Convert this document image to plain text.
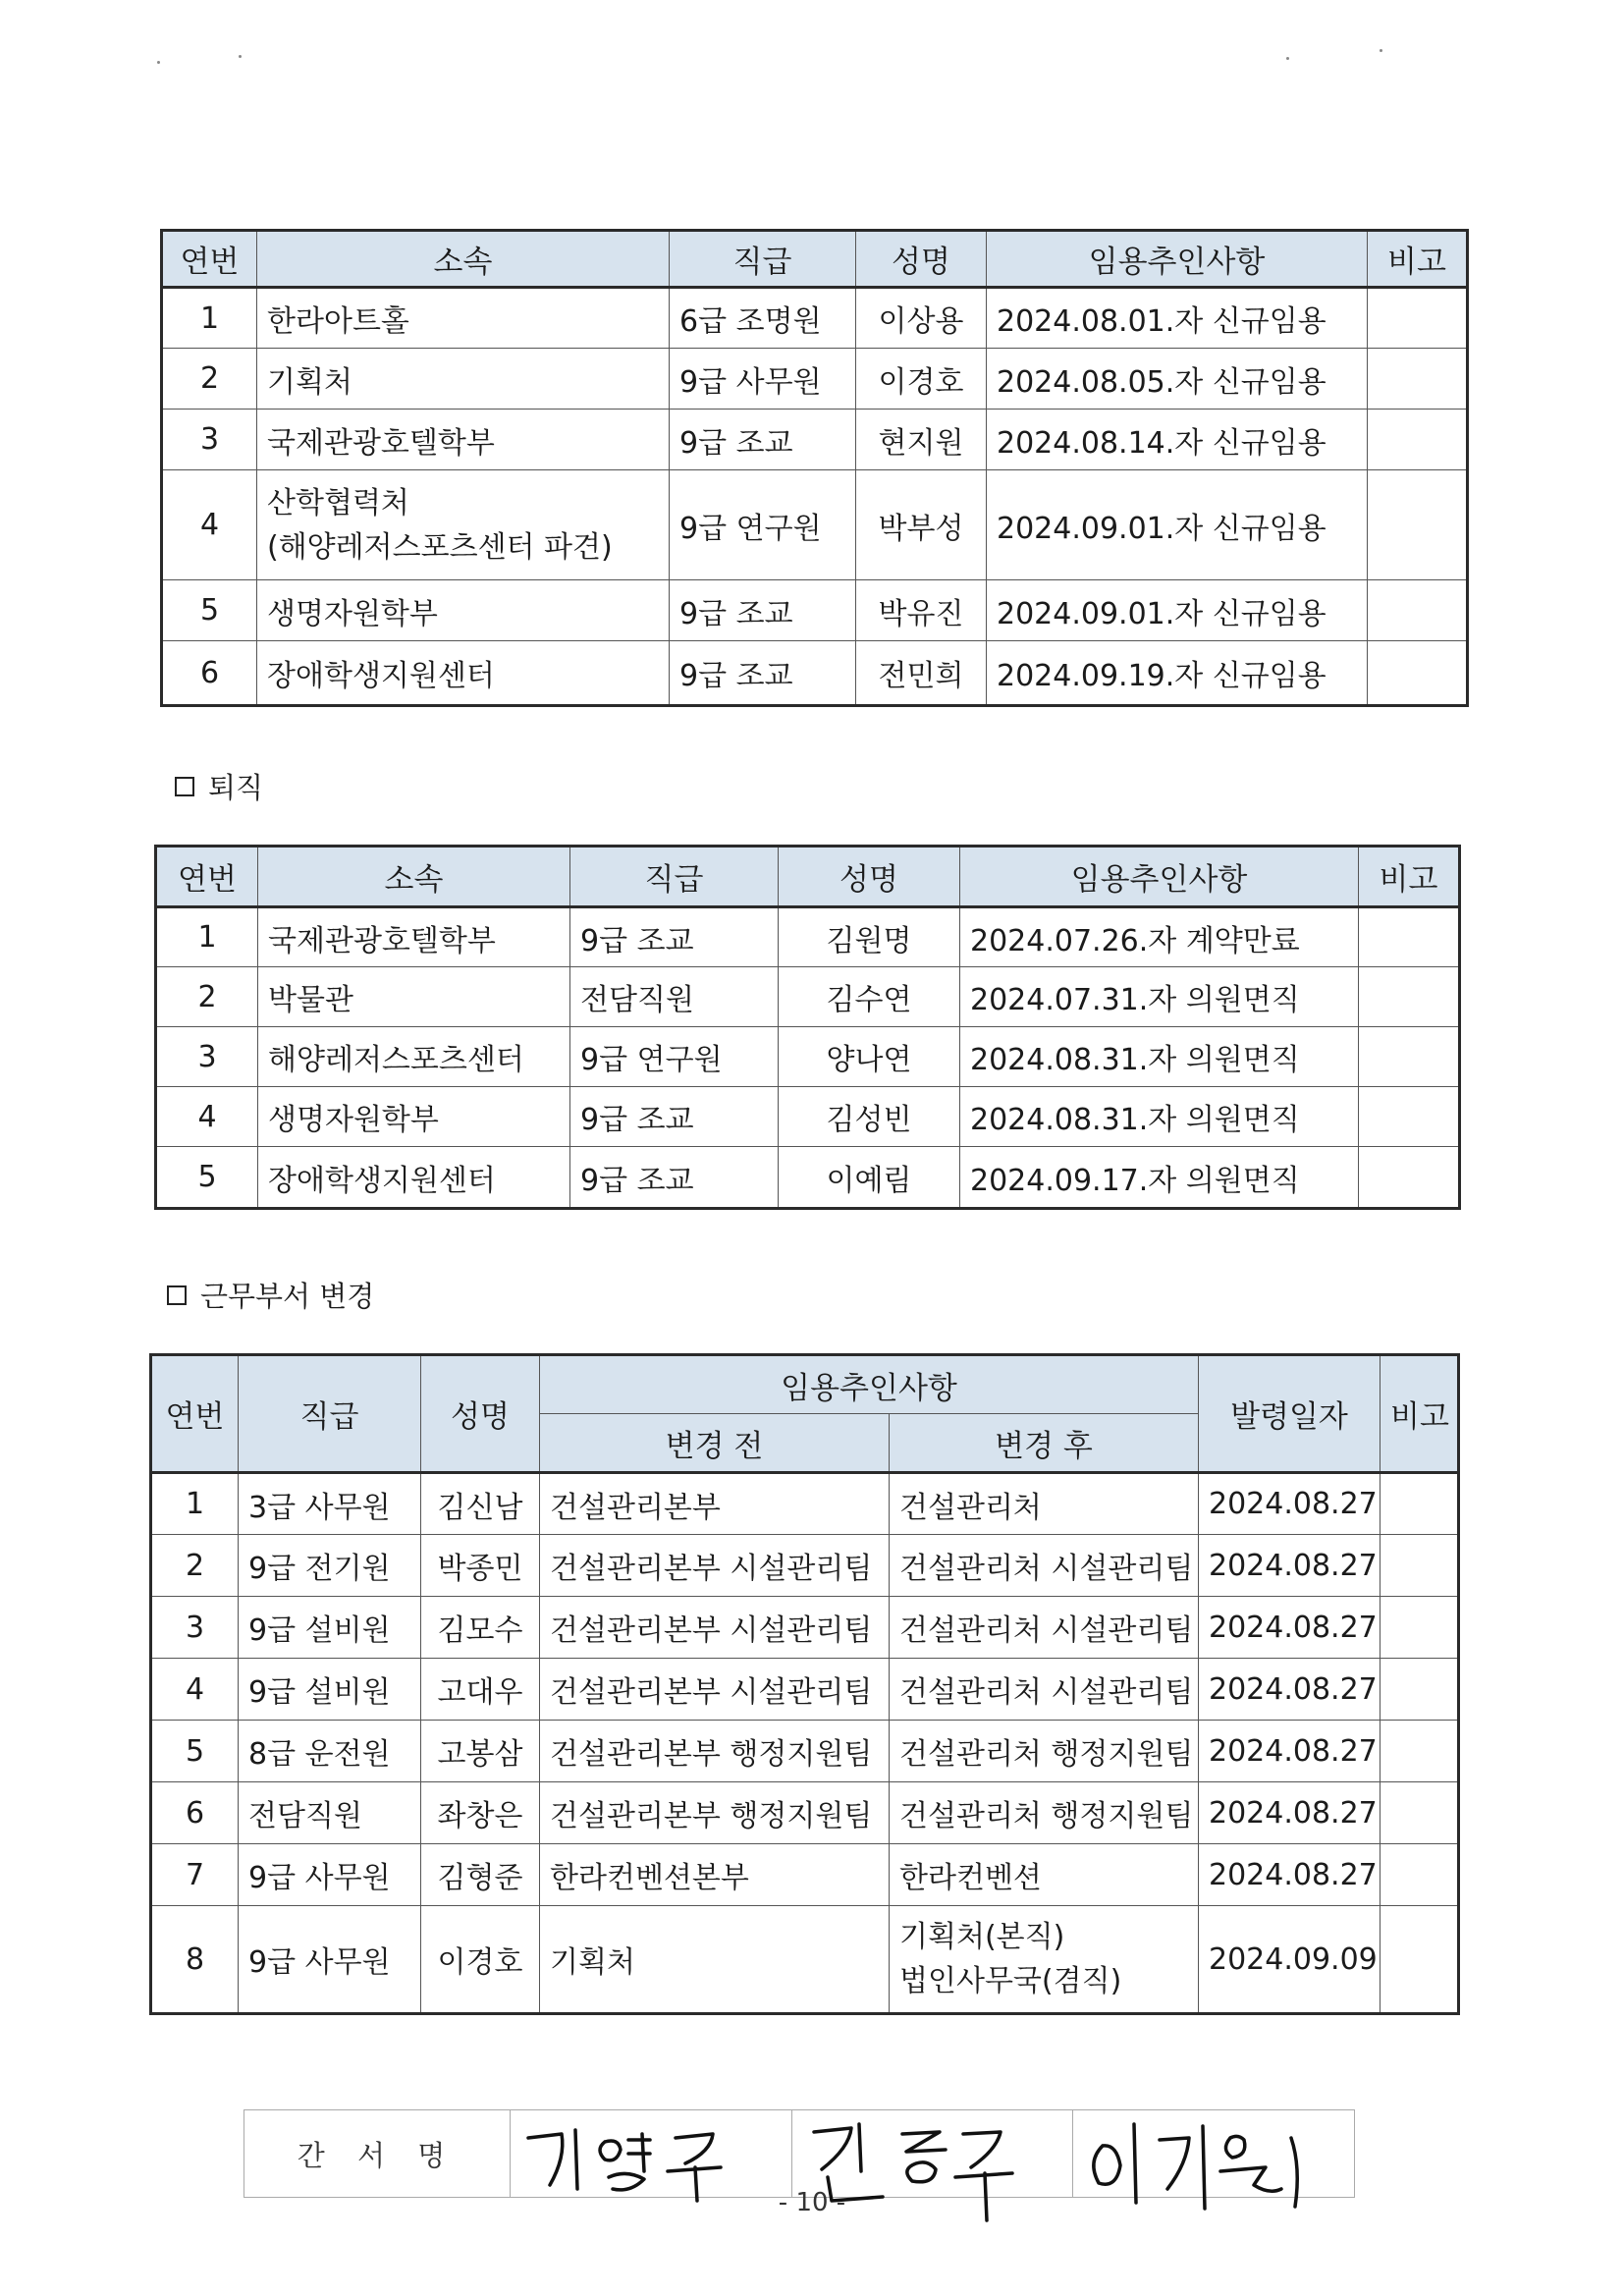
연번	소속	직급	성명	임용추인사항	비고
1	한라아트홀	6급 조명원	이상용	2024.08.01.자 신규임용	
2	기획처	9급 사무원	이경호	2024.08.05.자 신규임용	
3	국제관광호텔학부	9급 조교	현지원	2024.08.14.자 신규임용	
4	산학협력처
(해양레저스포츠센터 파견)	9급 연구원	박부성	2024.09.01.자 신규임용	
5	생명자원학부	9급 조교	박유진	2024.09.01.자 신규임용	
6	장애학생지원센터	9급 조교	전민희	2024.09.19.자 신규임용	
퇴직
연번	소속	직급	성명	임용추인사항	비고
1	국제관광호텔학부	9급 조교	김원명	2024.07.26.자 계약만료	
2	박물관	전담직원	김수연	2024.07.31.자 의원면직	
3	해양레저스포츠센터	9급 연구원	양나연	2024.08.31.자 의원면직	
4	생명자원학부	9급 조교	김성빈	2024.08.31.자 의원면직	
5	장애학생지원센터	9급 조교	이예림	2024.09.17.자 의원면직	
근무부서 변경
연번	직급	성명	임용추인사항		발령일자	비고
			변경 전	변경 후		
1	3급 사무원	김신남	건설관리본부	건설관리처	2024.08.27	
2	9급 전기원	박종민	건설관리본부 시설관리팀	건설관리처 시설관리팀	2024.08.27	
3	9급 설비원	김모수	건설관리본부 시설관리팀	건설관리처 시설관리팀	2024.08.27	
4	9급 설비원	고대우	건설관리본부 시설관리팀	건설관리처 시설관리팀	2024.08.27	
5	8급 운전원	고봉삼	건설관리본부 행정지원팀	건설관리처 행정지원팀	2024.08.27	
6	전담직원	좌창은	건설관리본부 행정지원팀	건설관리처 행정지원팀	2024.08.27	
7	9급 사무원	김형준	한라컨벤션본부	한라컨벤션	2024.08.27	
8	9급 사무원	이경호	기획처	기획처(본직)
법인사무국(겸직)	2024.09.09	
간 서 명
- 10 -
